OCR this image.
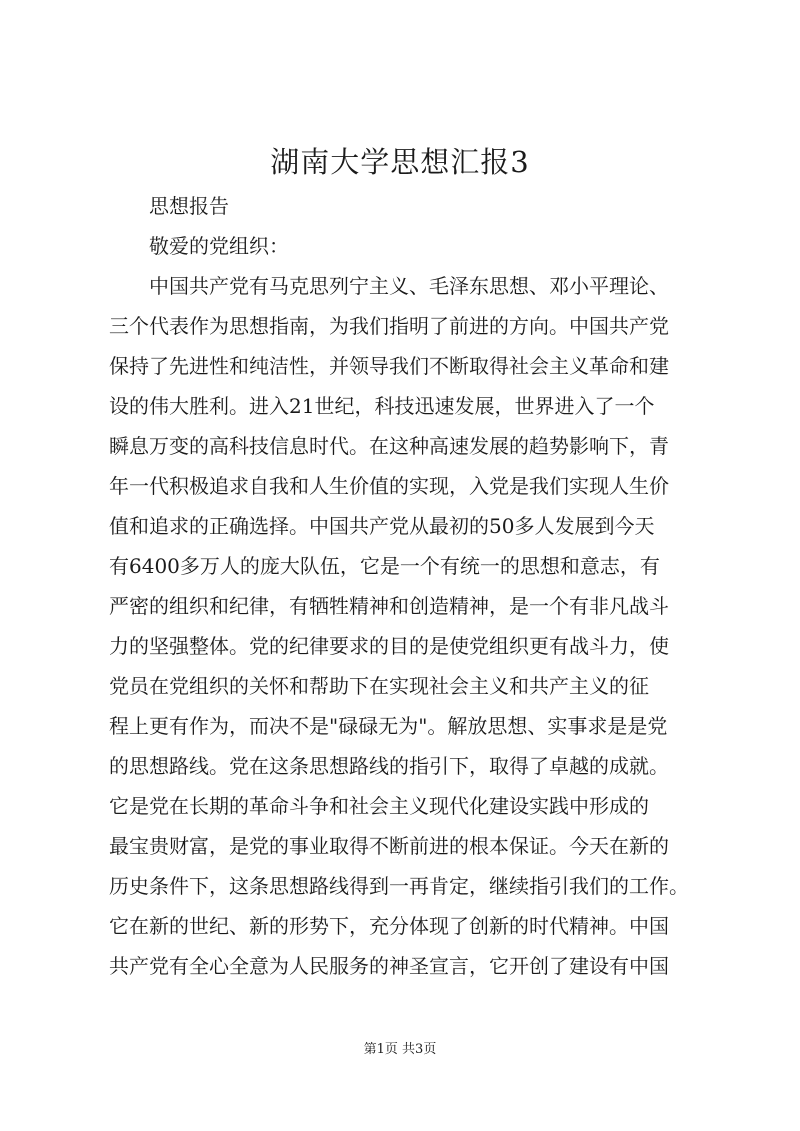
湖南大学思想汇报3
思想报告
敬爱的党组织：
中国共产党有马克思列宁主义、毛泽东思想、邓小平理论、
三个代表作为思想指南，为我们指明了前进的方向。中国共产党
保持了先进性和纯洁性，并领导我们不断取得社会主义革命和建
设的伟大胜利。进入21世纪，科技迅速发展，世界进入了一个
瞬息万变的高科技信息时代。在这种高速发展的趋势影响下，青
年一代积极追求自我和人生价值的实现，入党是我们实现人生价
值和追求的正确选择。中国共产党从最初的50多人发展到今天
有6400多万人的庞大队伍，它是一个有统一的思想和意志，有
严密的组织和纪律，有牺牲精神和创造精神，是一个有非凡战斗
力的坚强整体。党的纪律要求的目的是使党组织更有战斗力，使
党员在党组织的关怀和帮助下在实现社会主义和共产主义的征
程上更有作为，而决不是"碌碌无为"。解放思想、实事求是是党
的思想路线。党在这条思想路线的指引下，取得了卓越的成就。
它是党在长期的革命斗争和社会主义现代化建设实践中形成的
最宝贵财富，是党的事业取得不断前进的根本保证。今天在新的
历史条件下，这条思想路线得到一再肯定，继续指引我们的工作。
它在新的世纪、新的形势下，充分体现了创新的时代精神。中国
共产党有全心全意为人民服务的神圣宣言，它开创了建设有中国
第1页 共3页
